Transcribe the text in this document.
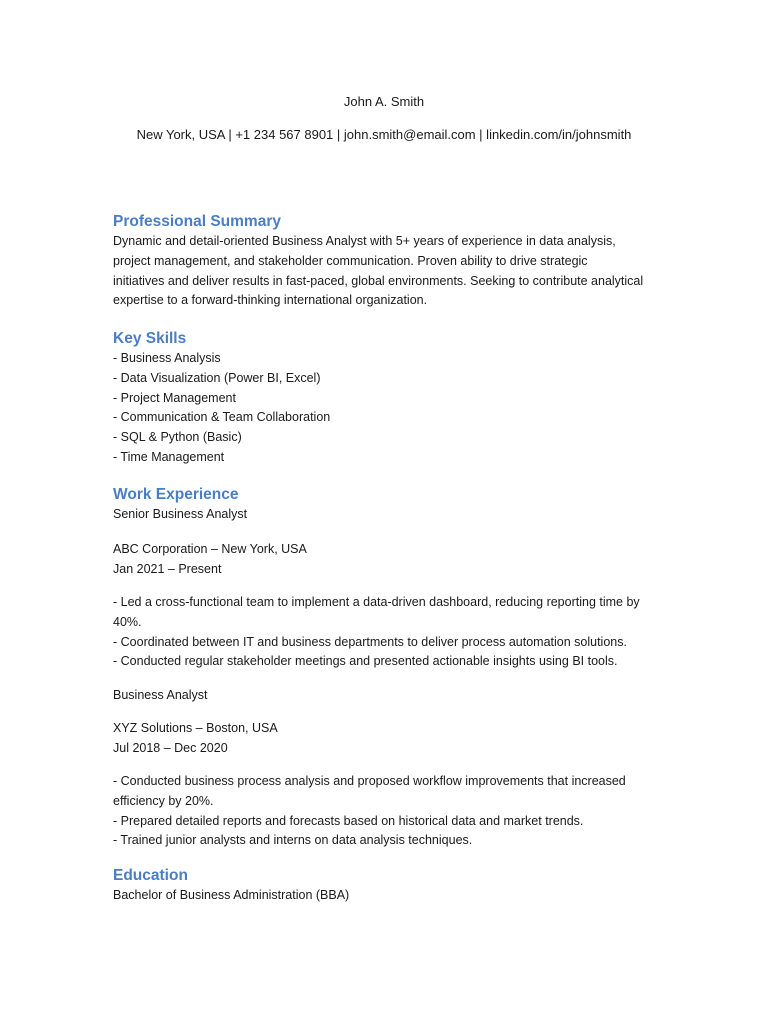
John A. Smith
New York, USA | +1 234 567 8901 | john.smith@email.com | linkedin.com/in/johnsmith
Professional Summary
Dynamic and detail-oriented Business Analyst with 5+ years of experience in data analysis,
project management, and stakeholder communication. Proven ability to drive strategic
initiatives and deliver results in fast-paced, global environments. Seeking to contribute analytical
expertise to a forward-thinking international organization.
Key Skills
- Business Analysis
- Data Visualization (Power BI, Excel)
- Project Management
- Communication & Team Collaboration
- SQL & Python (Basic)
- Time Management
Work Experience
Senior Business Analyst
ABC Corporation – New York, USA
Jan 2021 – Present
- Led a cross-functional team to implement a data-driven dashboard, reducing reporting time by
40%.
- Coordinated between IT and business departments to deliver process automation solutions.
- Conducted regular stakeholder meetings and presented actionable insights using BI tools.
Business Analyst
XYZ Solutions – Boston, USA
Jul 2018 – Dec 2020
- Conducted business process analysis and proposed workflow improvements that increased
efficiency by 20%.
- Prepared detailed reports and forecasts based on historical data and market trends.
- Trained junior analysts and interns on data analysis techniques.
Education
Bachelor of Business Administration (BBA)
